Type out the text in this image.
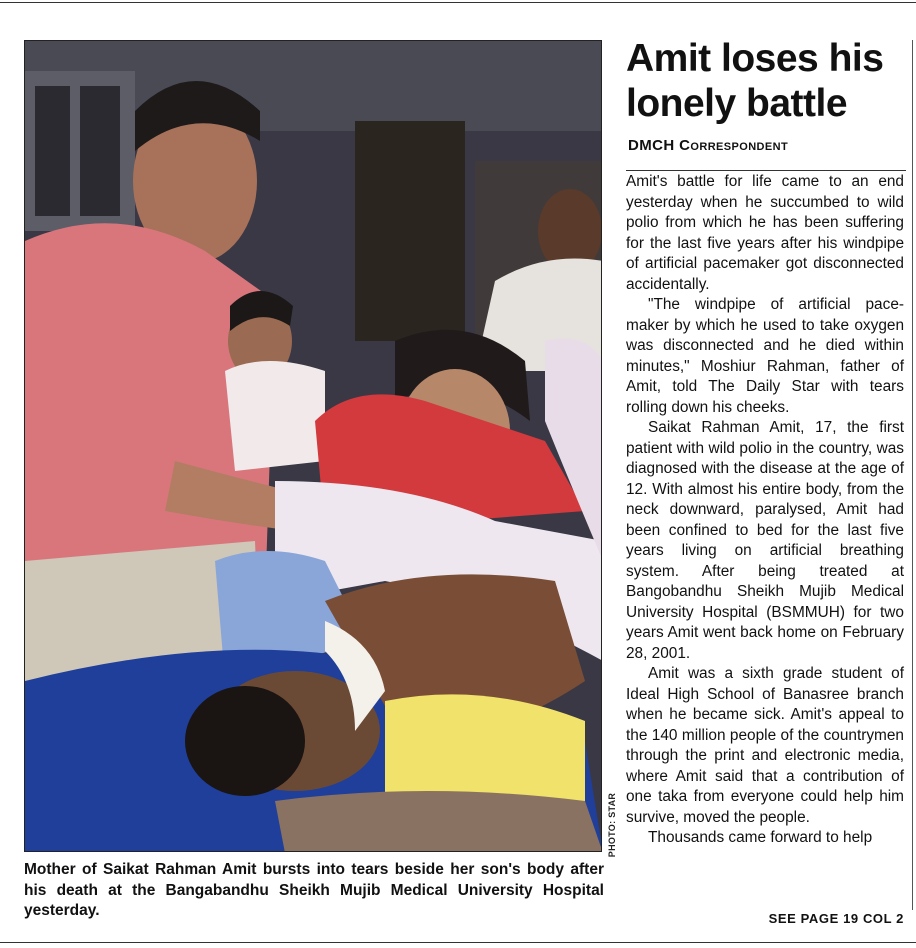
PHOTO: STAR
Mother of Saikat Rahman Amit bursts into tears beside her son's body after his death at the Bangabandhu Sheikh Mujib Medical University Hospital yesterday.
Amit loses his lonely battle
DMCH Correspondent

Amit's battle for life came to an end yesterday when he succumbed to wild polio from which he has been suffering for the last five years after his windpipe of artificial pacemaker got disconnected accidentally.

"The windpipe of artificial pace-maker by which he used to take oxygen was disconnected and he died within minutes," Moshiur Rahman, father of Amit, told The Daily Star with tears rolling down his cheeks.

Saikat Rahman Amit, 17, the first patient with wild polio in the country, was diagnosed with the disease at the age of 12. With almost his entire body, from the neck downward, paralysed, Amit had been confined to bed for the last five years living on artificial breathing system. After being treated at Bangobandhu Sheikh Mujib Medical University Hospital (BSMMUH) for two years Amit went back home on February 28, 2001.

Amit was a sixth grade student of Ideal High School of Banasree branch when he became sick. Amit's appeal to the 140 million people of the countrymen through the print and electronic media, where Amit said that a contribution of one taka from everyone could help him survive, moved the people.

Thousands came forward to help

SEE PAGE 19 COL 2
